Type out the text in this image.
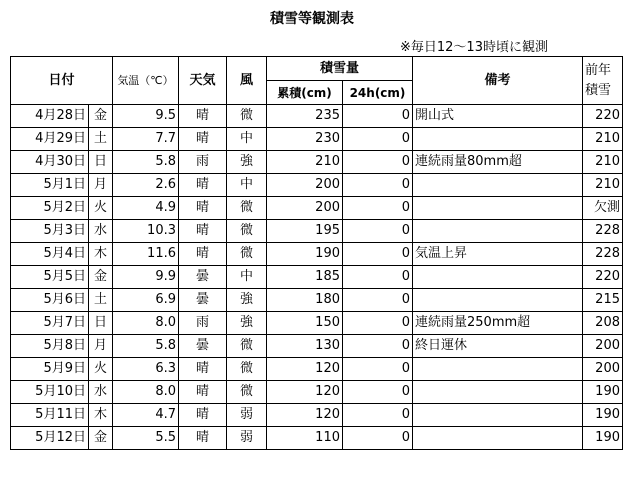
積雪等観測表
※毎日12～13時頃に観測
日付		気温（℃）	天気	風	積雪量		備考	前年
積雪
					累積(cm)	24h(cm)		
4月28日	金	9.5	晴	微	235	0	開山式	220
4月29日	土	7.7	晴	中	230	0		210
4月30日	日	5.8	雨	強	210	0	連続雨量80mm超	210
5月1日	月	2.6	晴	中	200	0		210
5月2日	火	4.9	晴	微	200	0		欠測
5月3日	水	10.3	晴	微	195	0		228
5月4日	木	11.6	晴	微	190	0	気温上昇	228
5月5日	金	9.9	曇	中	185	0		220
5月6日	土	6.9	曇	強	180	0		215
5月7日	日	8.0	雨	強	150	0	連続雨量250mm超	208
5月8日	月	5.8	曇	微	130	0	終日運休	200
5月9日	火	6.3	晴	微	120	0		200
5月10日	水	8.0	晴	微	120	0		190
5月11日	木	4.7	晴	弱	120	0		190
5月12日	金	5.5	晴	弱	110	0		190
